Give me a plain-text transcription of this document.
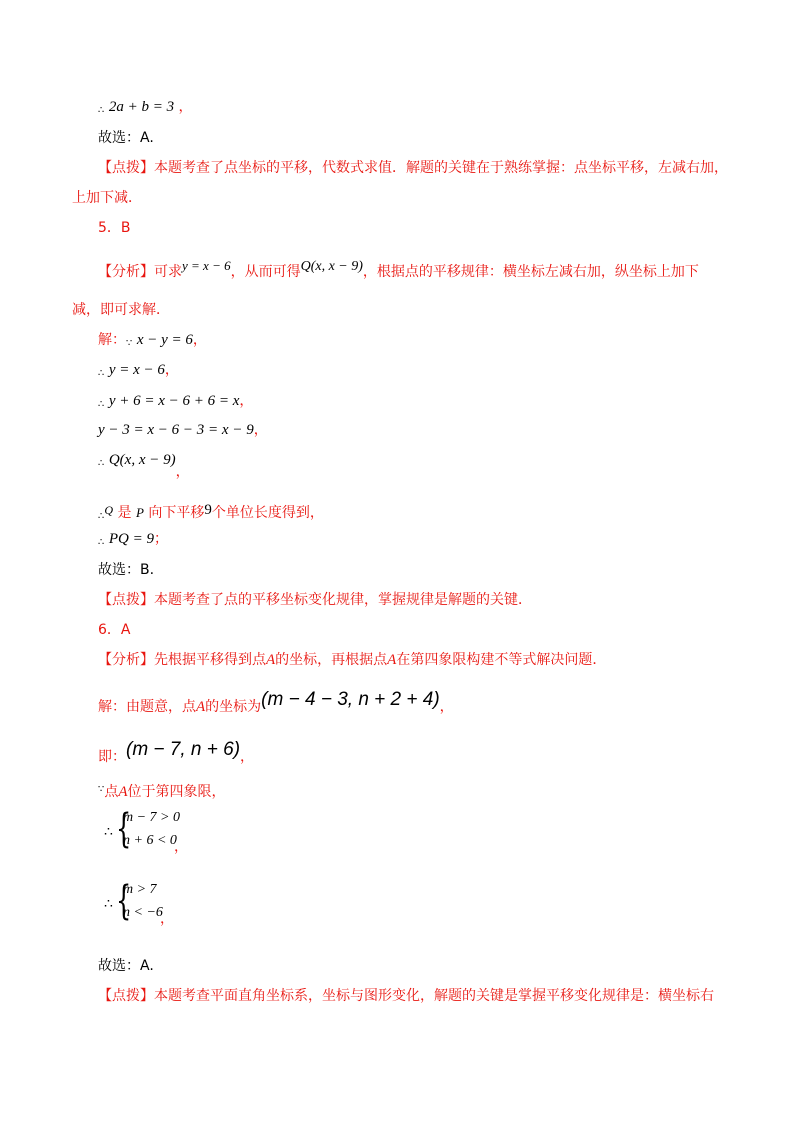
∴ 2a + b = 3 ，
故选：A.
【点拨】本题考查了点坐标的平移，代数式求值．解题的关键在于熟练掌握：点坐标平移，左减右加，
上加下减．
5．B
【分析】可求y = x − 6，从而可得Q(x, x − 9)，根据点的平移规律：横坐标左减右加，纵坐标上加下
减，即可求解．
解：∵ x − y = 6，
∴ y = x − 6，
∴ y + 6 = x − 6 + 6 = x，
y − 3 = x − 6 − 3 = x − 9，
∴ Q(x, x − 9)，
∴Q 是 P 向下平移9个单位长度得到，
∴ PQ = 9；
故选：B.
【点拨】本题考查了点的平移坐标变化规律，掌握规律是解题的关键．
6．A
【分析】先根据平移得到点A的坐标，再根据点A在第四象限构建不等式解决问题．
解：由题意，点A的坐标为(m − 4 − 3, n + 2 + 4)，
即：(m − 7, n + 6)，
∵点A位于第四象限，
∴ {
m − 7 > 0
n + 6 < 0
，
∴ {
m > 7
n < −6
，
故选：A.
【点拨】本题考查平面直角坐标系，坐标与图形变化，解题的关键是掌握平移变化规律是：横坐标右
